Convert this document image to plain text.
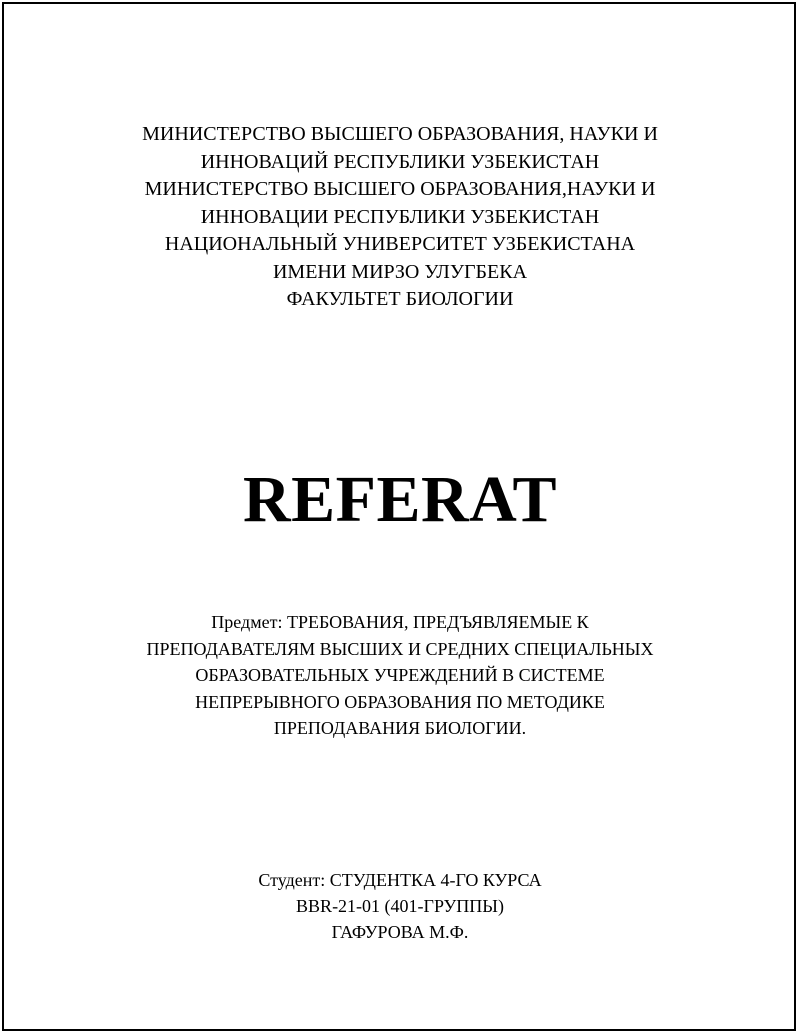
МИНИСТЕРСТВО ВЫСШЕГО ОБРАЗОВАНИЯ, НАУКИ И
ИННОВАЦИЙ РЕСПУБЛИКИ УЗБЕКИСТАН
МИНИСТЕРСТВО ВЫСШЕГО ОБРАЗОВАНИЯ,НАУКИ И
ИННОВАЦИИ РЕСПУБЛИКИ УЗБЕКИСТАН
НАЦИОНАЛЬНЫЙ УНИВЕРСИТЕТ УЗБЕКИСТАНА
ИМЕНИ МИРЗО УЛУГБЕКА
ФАКУЛЬТЕТ БИОЛОГИИ
REFERAT
Предмет: ТРЕБОВАНИЯ, ПРЕДЪЯВЛЯЕМЫЕ К
ПРЕПОДАВАТЕЛЯМ ВЫСШИХ И СРЕДНИХ СПЕЦИАЛЬНЫХ
ОБРАЗОВАТЕЛЬНЫХ УЧРЕЖДЕНИЙ В СИСТЕМЕ
НЕПРЕРЫВНОГО ОБРАЗОВАНИЯ ПО МЕТОДИКЕ
ПРЕПОДАВАНИЯ БИОЛОГИИ.
Студент: СТУДЕНТКА 4-ГО КУРСА
BBR-21-01 (401-ГРУППЫ)
ГАФУРОВА М.Ф.
